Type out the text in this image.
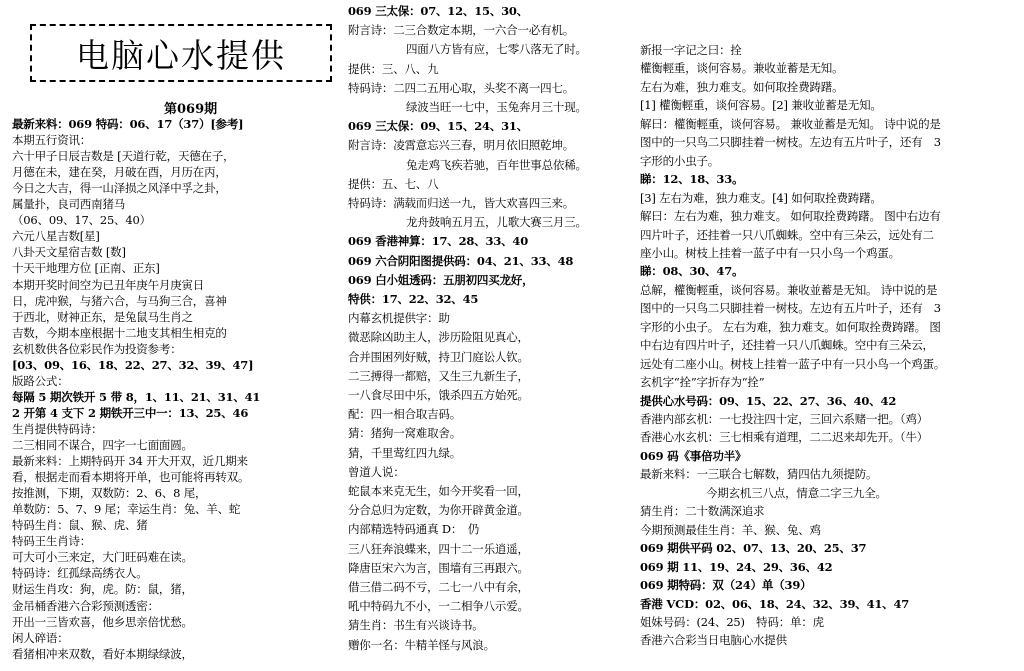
电脑心水提供
第069期
最新来料：069 特码：06、17（37）[参考]
本期五行资讯：
六十甲子日辰吉数是 [天道行乾，天德在子，
月德在未，建在癸，月破在酉，月历在丙，
今日之大吉，得一山泽损之风泽中孚之卦，
属量扑，良司西南猪马
（06、09、17、25、40）
六元八星吉数[星]
八卦天文星宿吉数 [数]
十天干地理方位 [正南、正东]
本期开奖时间空为已丑年庚午月庚寅日
日，虎冲猴，与猪六合，与马狗三合，喜神
于西北，财神正东，是兔鼠马生肖之
吉数，今期本座根据十二地支其相生相克的
玄机数供各位彩民作为投资参考：
[03、09、16、18、22、27、32、39、47]
版路公式：
每隔 5 期次铁开 5 带 8，1、11、21、31、41
2 开第 4 支下 2 期铁开三中一：13、25、46
生肖提供特码诗：
二三相同不谋合，四字一七面面圆。
最新来料：上期特码开 34 开大开双，近几期来
看，根据走而看本期将开单，也可能将再转双。
按推测，下期，双数防：2、6、8 尾，
单数防：5、7、9 尾；幸运生肖：兔、羊、蛇
特码生肖：鼠、猴、虎、猪
特码王生肖诗：
可大可小三来定，大门旺码难在读。
特码诗：红孤绿高绣衣人。
财运生肖攻：狗，虎。防：鼠，猪，
金吊桶香港六合彩预测透密：
开出一三皆欢喜，他乡思亲倍忧愁。
闲人碎语：
看猪相冲来双数，看好本期绿绿波，
069 三太保：07、12、15、30、
附言诗：二三合数定本期，一六合一必有机。
四面八方皆有应，七零八落无了时。
提供：三、八、九
特码诗：二四二五用心取，头奖不离一四七。
绿波当旺一七中，玉兔奔月三十现。
069 三太保：09、15、24、31、
附言诗：凌霄意忘兴三春，明月依旧照乾坤。
兔走鸡飞疾若驰，百年世事总依稀。
提供：五、七、八
特码诗：满载而归送一九，皆大欢喜四三来。
龙舟鼓响五月五，儿歌大赛三月三。
069 香港神算：17、28、33、40
069 六合阴阳图提供码：04、21、33、48
069 白小姐透码：五朋初四买龙好，
特供：17、22、32、45
内幕玄机提供字：助
微恶除凶助主人，涉历险阻见真心，
合并围困列好贼，持卫门庭讼人钦。
二三搏得一都赔，又生三九新生子，
一八食尽田中乐，饿杀四五方始死。
配：四一相合取吉码。
猜：猪狗一窝难取舍。
猜，千里莺红四九绿。
曾道人说：
蛇鼠本来克无生，如今开奖看一回，
分合总归为定数，为你开辟黄金道。
内部精选特码通真 D：　仍
三八狂奔浪蝶来，四十二一乐逍遥，
降唐臣宋六为言，围墙有三再跟六。
借三借二码不亏，二七一八中有余，
吼中特码九不小，一二相争八示爱。
猜生肖：书生有兴谈诗书。
赠你一名：牛精羊怪与风浪。
新报一字记之曰：拴
權衡輕重，谈何容易。兼收並蓄是无知。
左右为难，独力难支。如何取拴费踌躇。
[1] 權衡輕重，谈何容易。[2] 兼收並蓄是无知。
解曰：權衡輕重，谈何容易。 兼收並蓄是无知。 诗中说的是
图中的一只鸟二只脚挂着一树枝。左边有五片叶子，还有　3
字形的小虫子。
睇：12、18、33。
[3] 左右为难，独力难支。[4] 如何取拴费踌躇。
解曰：左右为难，独力难支。 如何取拴费踌躇。 图中右边有
四片叶子，还挂着一只八爪蜘蛛。空中有三朵云，远处有二
座小山。树枝上挂着一蓝子中有一只小鸟一个鸡蛋。
睇：08、30、47。
总解，權衡輕重，谈何容易。兼收並蓄是无知。 诗中说的是
图中的一只鸟二只脚挂着一树枝。左边有五片叶子，还有　3
字形的小虫子。 左右为难，独力难支。如何取拴费踌躇。 图
中右边有四片叶子，还挂着一只八爪蜘蛛。空中有三朵云，
远处有二座小山。树枝上挂着一蓝子中有一只小鸟一个鸡蛋。
玄机字“拴”字折存为“拴”
提供心水号码：09、15、22、27、36、40、42
香港内部玄机：一七投注四十定，三回六系赌一把。（鸡）
香港心水玄机：三七相乘有道理，二二迟来却先开。（牛）
069 码《事倍功半》
最新来料：一三联合七解数，猜四估九须提防。
今期玄机三八点，情意二字三九全。
猜生肖：二十数满深追求
今期预测最佳生肖：羊、猴、兔、鸡
069 期供平码 02、07、13、20、25、37
069 期 11、19、24、29、36、42
069 期特码：双（24）单（39）
香港 VCD：02、06、18、24、32、39、41、47
姐妹号码：(24、25)　特码：单：虎
香港六合彩当日电脑心水提供
